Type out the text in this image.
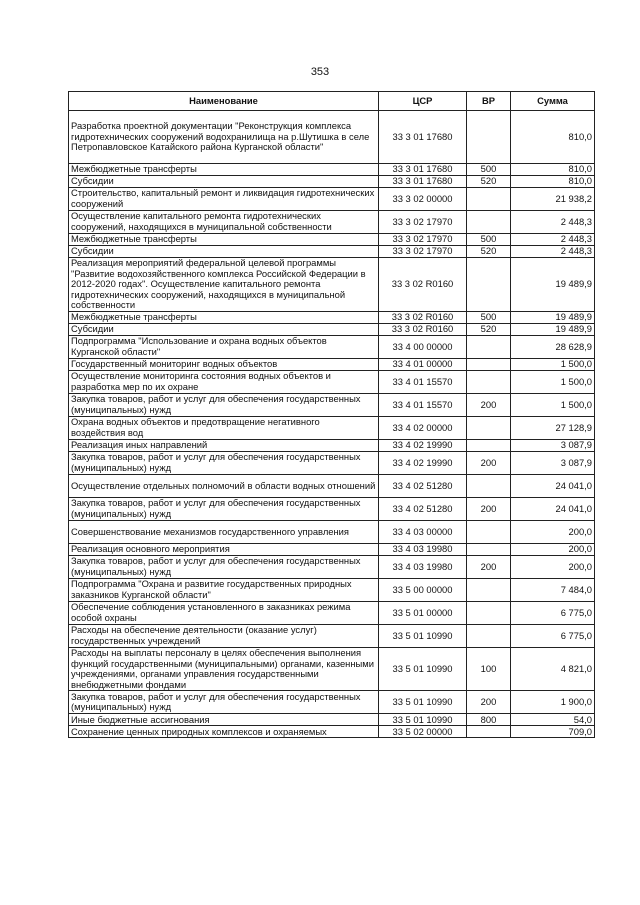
353
Наименование	ЦСР	ВР	Сумма
Разработка проектной документации "Реконструкция комплекса гидротехнических сооружений водохранилища на р.Шутишка в селе Петропавловское Катайского района Курганской области"	33 3 01 17680		810,0
Межбюджетные трансферты	33 3 01 17680	500	810,0
Субсидии	33 3 01 17680	520	810,0
Строительство, капитальный ремонт и ликвидация гидротехнических сооружений	33 3 02 00000		21 938,2
Осуществление капитального ремонта гидротехнических сооружений, находящихся в муниципальной собственности	33 3 02 17970		2 448,3
Межбюджетные трансферты	33 3 02 17970	500	2 448,3
Субсидии	33 3 02 17970	520	2 448,3
Реализация мероприятий федеральной целевой программы "Развитие водохозяйственного комплекса Российской Федерации в 2012-2020 годах". Осуществление капитального ремонта гидротехнических сооружений, находящихся в муниципальной собственности	33 3 02 R0160		19 489,9
Межбюджетные трансферты	33 3 02 R0160	500	19 489,9
Субсидии	33 3 02 R0160	520	19 489,9
Подпрограмма "Использование и охрана водных объектов Курганской области"	33 4 00 00000		28 628,9
Государственный мониторинг водных объектов	33 4 01 00000		1 500,0
Осуществление мониторинга состояния водных объектов и разработка мер по их охране	33 4 01 15570		1 500,0
Закупка товаров, работ и услуг для обеспечения государственных (муниципальных) нужд	33 4 01 15570	200	1 500,0
Охрана водных объектов и предотвращение негативного воздействия вод	33 4 02 00000		27 128,9
Реализация иных направлений	33 4 02 19990		3 087,9
Закупка товаров, работ и услуг для обеспечения государственных (муниципальных) нужд	33 4 02 19990	200	3 087,9
Осуществление отдельных полномочий в области водных отношений	33 4 02 51280		24 041,0
Закупка товаров, работ и услуг для обеспечения государственных (муниципальных) нужд	33 4 02 51280	200	24 041,0
Совершенствование механизмов государственного управления	33 4 03 00000		200,0
Реализация основного мероприятия	33 4 03 19980		200,0
Закупка товаров, работ и услуг для обеспечения государственных (муниципальных) нужд	33 4 03 19980	200	200,0
Подпрограмма "Охрана и развитие государственных природных заказников Курганской области"	33 5 00 00000		7 484,0
Обеспечение соблюдения установленного в заказниках режима особой охраны	33 5 01 00000		6 775,0
Расходы на обеспечение деятельности (оказание услуг) государственных учреждений	33 5 01 10990		6 775,0
Расходы на выплаты персоналу в целях обеспечения выполнения функций государственными (муниципальными) органами, казенными учреждениями, органами управления государственными внебюджетными фондами	33 5 01 10990	100	4 821,0
Закупка товаров, работ и услуг для обеспечения государственных (муниципальных) нужд	33 5 01 10990	200	1 900,0
Иные бюджетные ассигнования	33 5 01 10990	800	54,0
Сохранение ценных природных комплексов и охраняемых	33 5 02 00000		709,0
